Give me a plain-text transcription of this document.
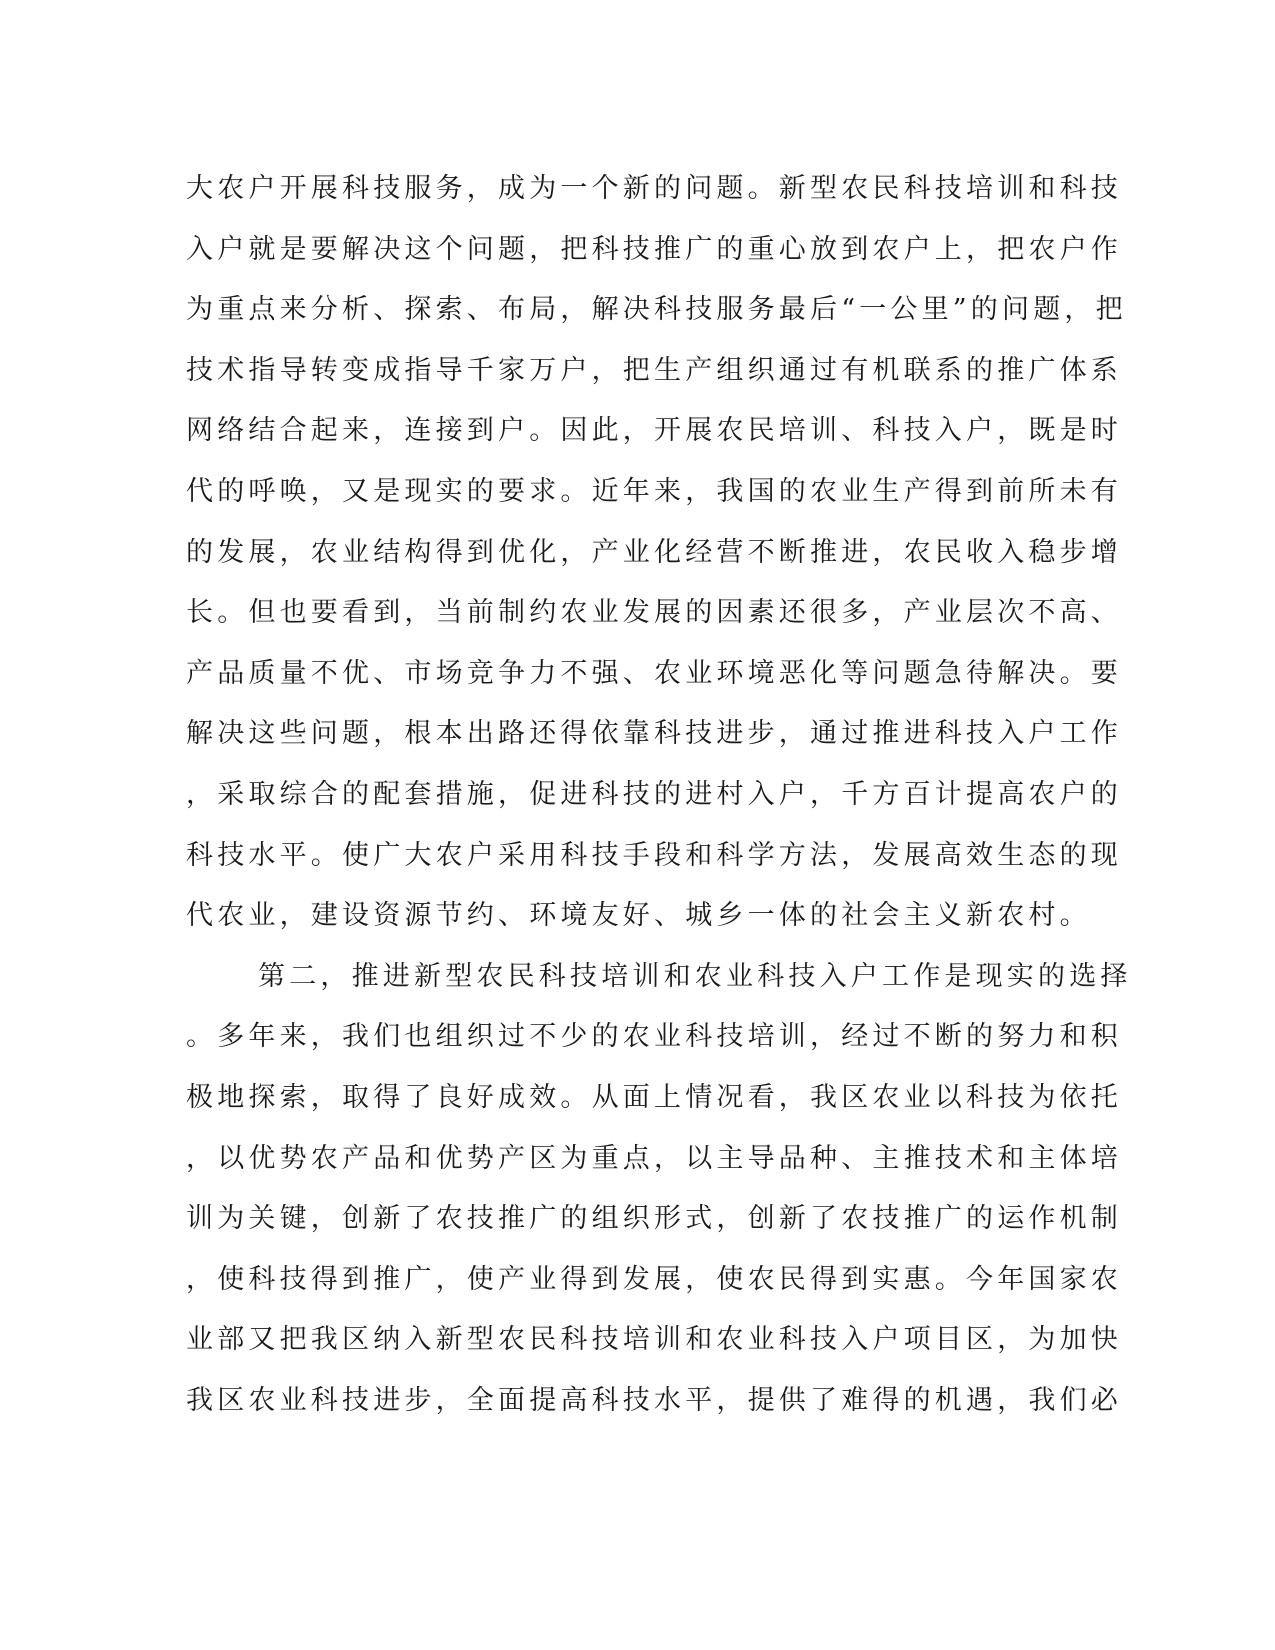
大农户开展科技服务，成为一个新的问题。新型农民科技培训和科技
入户就是要解决这个问题，把科技推广的重心放到农户上，把农户作
为重点来分析、探索、布局，解决科技服务最后“一公里”的问题，把
技术指导转变成指导千家万户，把生产组织通过有机联系的推广体系
网络结合起来，连接到户。因此，开展农民培训、科技入户，既是时
代的呼唤，又是现实的要求。近年来，我国的农业生产得到前所未有
的发展，农业结构得到优化，产业化经营不断推进，农民收入稳步增
长。但也要看到，当前制约农业发展的因素还很多，产业层次不高、
产品质量不优、市场竞争力不强、农业环境恶化等问题急待解决。要
解决这些问题，根本出路还得依靠科技进步，通过推进科技入户工作
，采取综合的配套措施，促进科技的进村入户，千方百计提高农户的
科技水平。使广大农户采用科技手段和科学方法，发展高效生态的现
代农业，建设资源节约、环境友好、城乡一体的社会主义新农村。
第二，推进新型农民科技培训和农业科技入户工作是现实的选择
。多年来，我们也组织过不少的农业科技培训，经过不断的努力和积
极地探索，取得了良好成效。从面上情况看，我区农业以科技为依托
，以优势农产品和优势产区为重点，以主导品种、主推技术和主体培
训为关键，创新了农技推广的组织形式，创新了农技推广的运作机制
，使科技得到推广，使产业得到发展，使农民得到实惠。今年国家农
业部又把我区纳入新型农民科技培训和农业科技入户项目区，为加快
我区农业科技进步，全面提高科技水平，提供了难得的机遇，我们必
